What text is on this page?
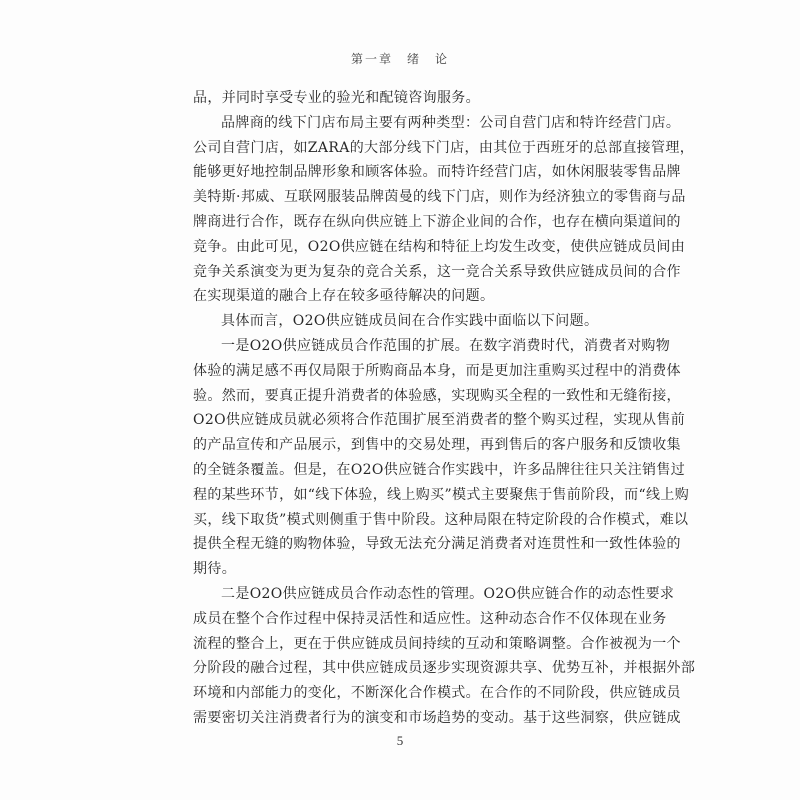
第一章　绪　论
品，并同时享受专业的验光和配镜咨询服务。
品牌商的线下门店布局主要有两种类型：公司自营门店和特许经营门店。
公司自营门店，如ZARA的大部分线下门店，由其位于西班牙的总部直接管理，
能够更好地控制品牌形象和顾客体验。而特许经营门店，如休闲服装零售品牌
美特斯·邦威、互联网服装品牌茵曼的线下门店，则作为经济独立的零售商与品
牌商进行合作，既存在纵向供应链上下游企业间的合作，也存在横向渠道间的
竞争。由此可见，O2O供应链在结构和特征上均发生改变，使供应链成员间由
竞争关系演变为更为复杂的竞合关系，这一竞合关系导致供应链成员间的合作
在实现渠道的融合上存在较多亟待解决的问题。
具体而言，O2O供应链成员间在合作实践中面临以下问题。
一是O2O供应链成员合作范围的扩展。在数字消费时代，消费者对购物
体验的满足感不再仅局限于所购商品本身，而是更加注重购买过程中的消费体
验。然而，要真正提升消费者的体验感，实现购买全程的一致性和无缝衔接，
O2O供应链成员就必须将合作范围扩展至消费者的整个购买过程，实现从售前
的产品宣传和产品展示，到售中的交易处理，再到售后的客户服务和反馈收集
的全链条覆盖。但是，在O2O供应链合作实践中，许多品牌往往只关注销售过
程的某些环节，如“线下体验，线上购买”模式主要聚焦于售前阶段，而“线上购
买，线下取货”模式则侧重于售中阶段。这种局限在特定阶段的合作模式，难以
提供全程无缝的购物体验，导致无法充分满足消费者对连贯性和一致性体验的
期待。
二是O2O供应链成员合作动态性的管理。O2O供应链合作的动态性要求
成员在整个合作过程中保持灵活性和适应性。这种动态合作不仅体现在业务
流程的整合上，更在于供应链成员间持续的互动和策略调整。合作被视为一个
分阶段的融合过程，其中供应链成员逐步实现资源共享、优势互补，并根据外部
环境和内部能力的变化，不断深化合作模式。在合作的不同阶段，供应链成员
需要密切关注消费者行为的演变和市场趋势的变动。基于这些洞察，供应链成
5
